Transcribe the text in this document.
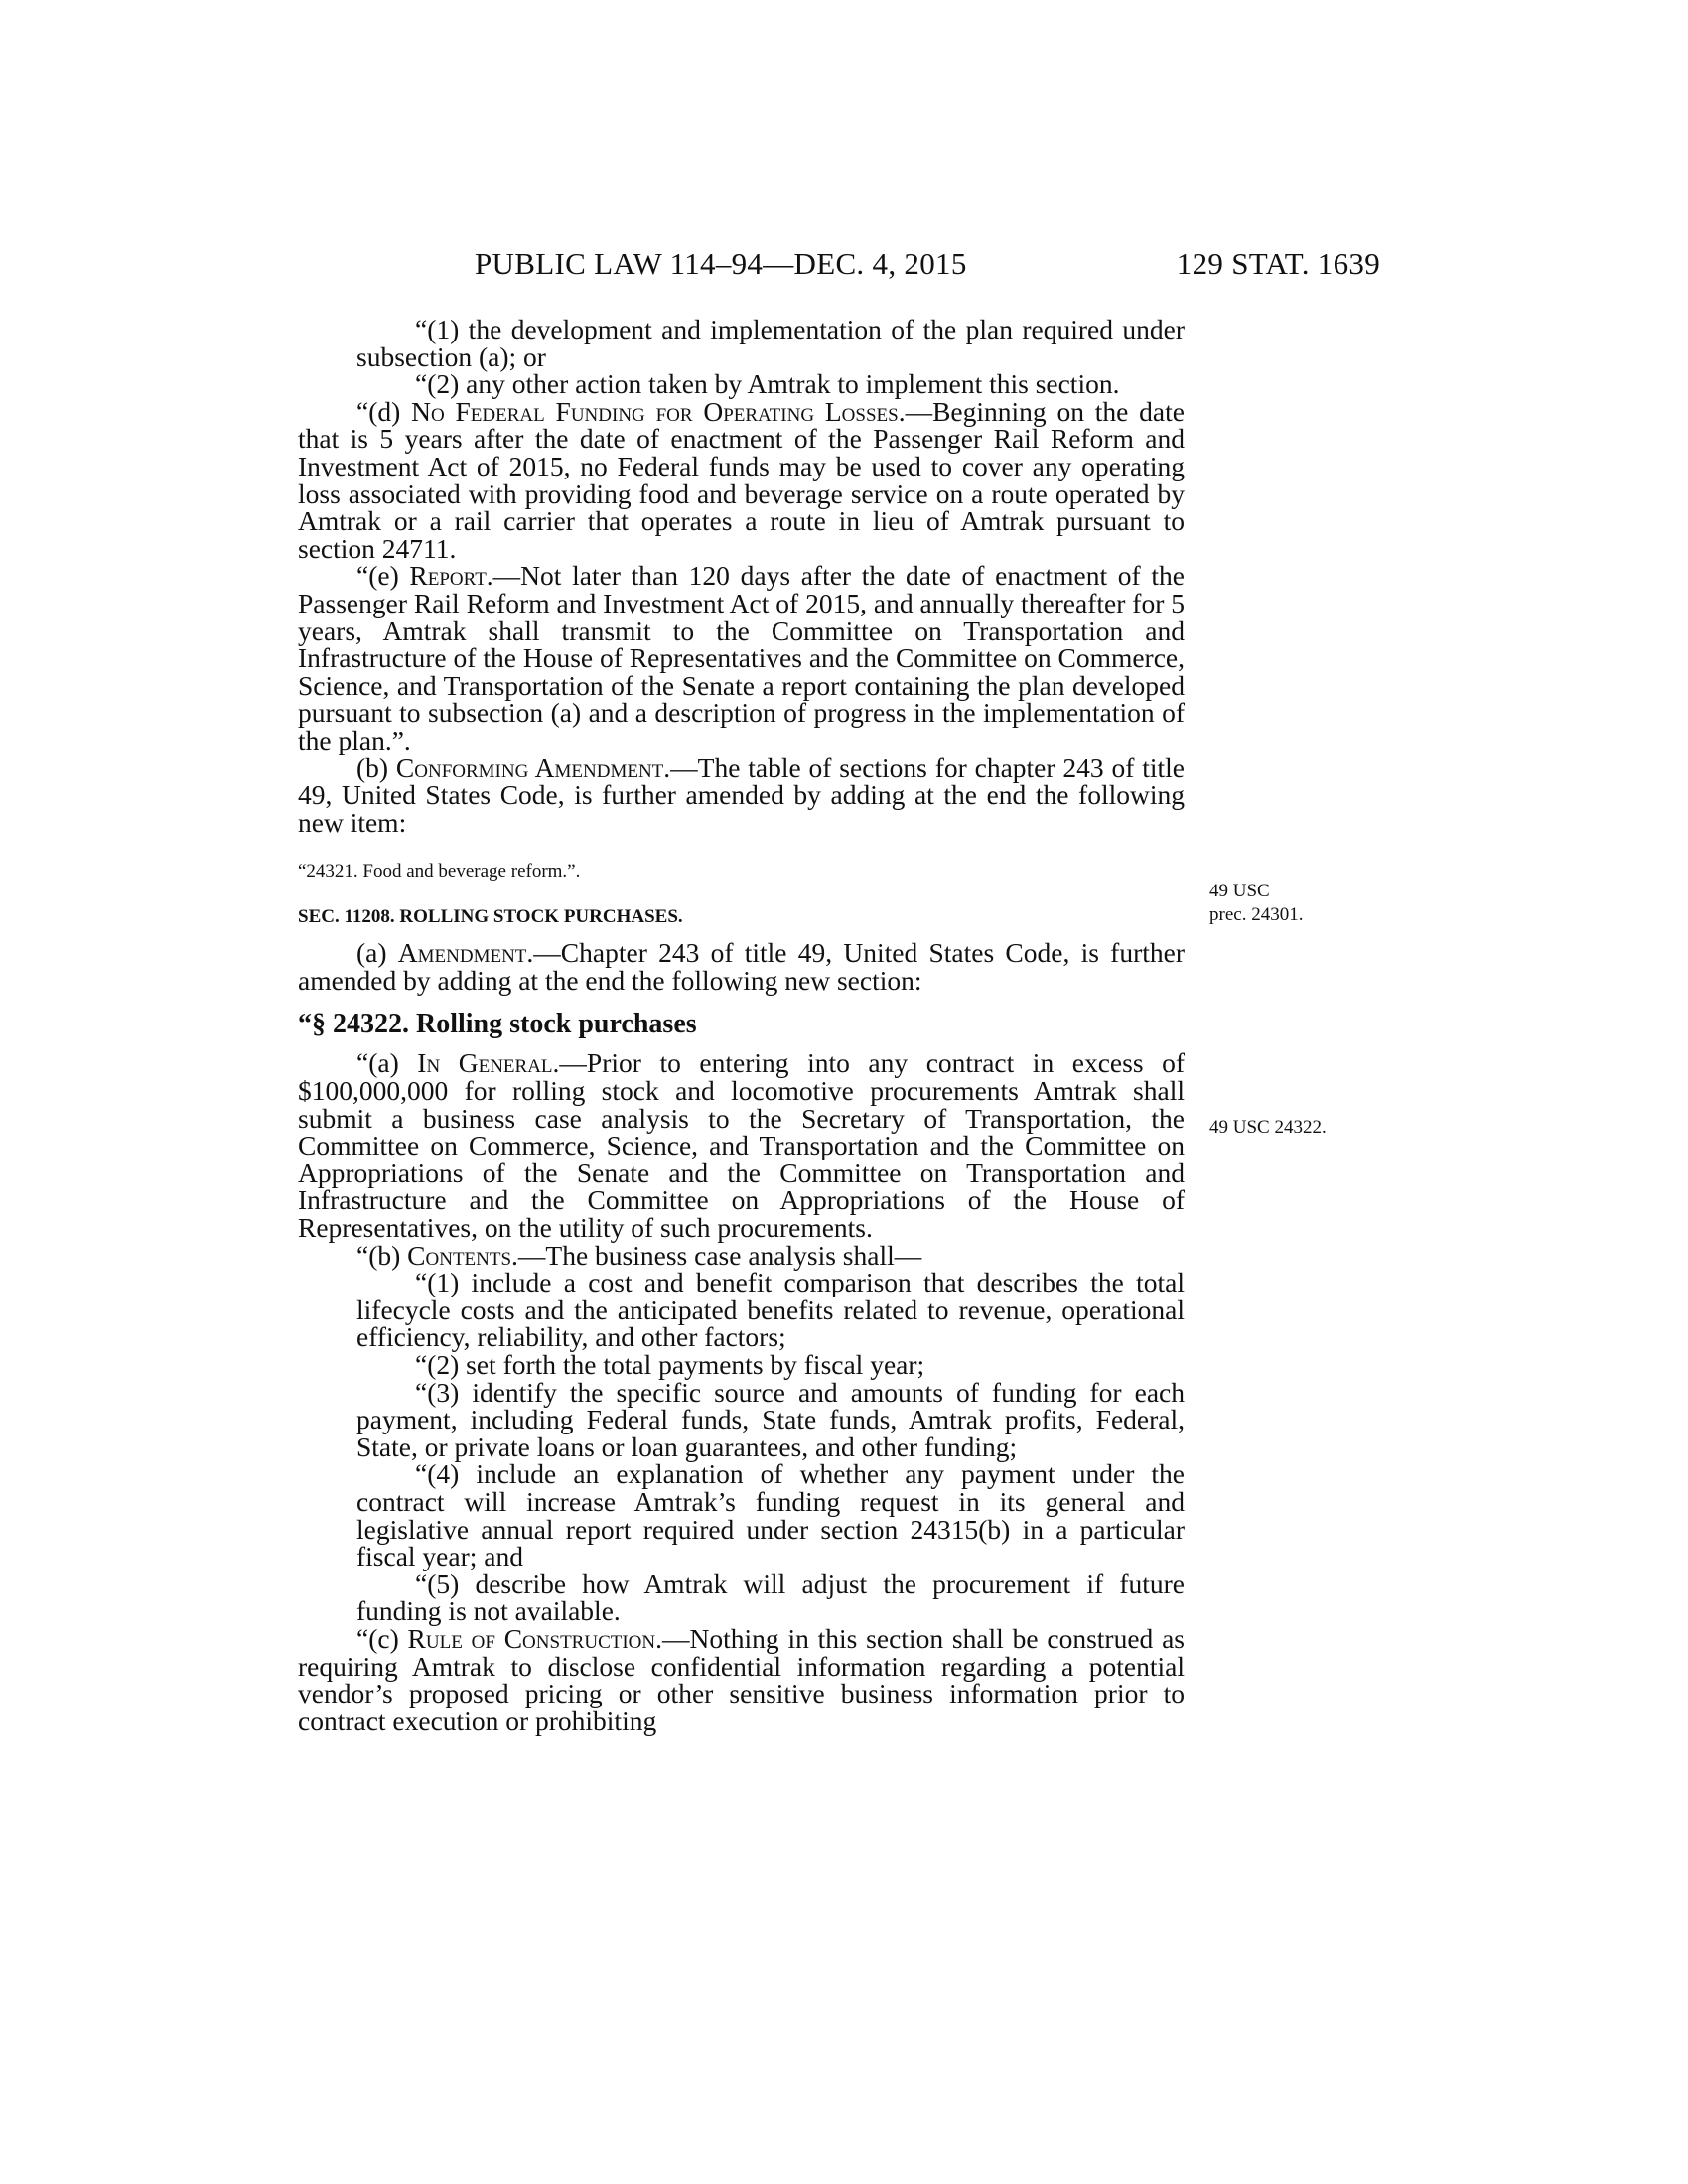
PUBLIC LAW 114–94—DEC. 4, 2015	129 STAT. 1639

“(1) the development and implementation of the plan required under subsection (a); or

“(2) any other action taken by Amtrak to implement this section.

“(d) No Federal Funding for Operating Losses.—Beginning on the date that is 5 years after the date of enactment of the Passenger Rail Reform and Investment Act of 2015, no Federal funds may be used to cover any operating loss associated with providing food and beverage service on a route operated by Amtrak or a rail carrier that operates a route in lieu of Amtrak pursuant to section 24711.

“(e) Report.—Not later than 120 days after the date of enactment of the Passenger Rail Reform and Investment Act of 2015, and annually thereafter for 5 years, Amtrak shall transmit to the Committee on Transportation and Infrastructure of the House of Representatives and the Committee on Commerce, Science, and Transportation of the Senate a report containing the plan developed pursuant to subsection (a) and a description of progress in the implementation of the plan.”.

(b) Conforming Amendment.—The table of sections for chapter 243 of title 49, United States Code, is further amended by adding at the end the following new item:

“24321. Food and beverage reform.”.

SEC. 11208. ROLLING STOCK PURCHASES.

(a) Amendment.—Chapter 243 of title 49, United States Code, is further amended by adding at the end the following new section:

“§ 24322. Rolling stock purchases

“(a) In General.—Prior to entering into any contract in excess of $100,000,000 for rolling stock and locomotive procurements Amtrak shall submit a business case analysis to the Secretary of Transportation, the Committee on Commerce, Science, and Transportation and the Committee on Appropriations of the Senate and the Committee on Transportation and Infrastructure and the Committee on Appropriations of the House of Representatives, on the utility of such procurements.

“(b) Contents.—The business case analysis shall—

“(1) include a cost and benefit comparison that describes the total lifecycle costs and the anticipated benefits related to revenue, operational efficiency, reliability, and other factors;

“(2) set forth the total payments by fiscal year;

“(3) identify the specific source and amounts of funding for each payment, including Federal funds, State funds, Amtrak profits, Federal, State, or private loans or loan guarantees, and other funding;

“(4) include an explanation of whether any payment under the contract will increase Amtrak’s funding request in its general and legislative annual report required under section 24315(b) in a particular fiscal year; and

“(5) describe how Amtrak will adjust the procurement if future funding is not available.

“(c) Rule of Construction.—Nothing in this section shall be construed as requiring Amtrak to disclose confidential information regarding a potential vendor’s proposed pricing or other sensitive business information prior to contract execution or prohibiting

49 USC
prec. 24301.
49 USC 24322.
